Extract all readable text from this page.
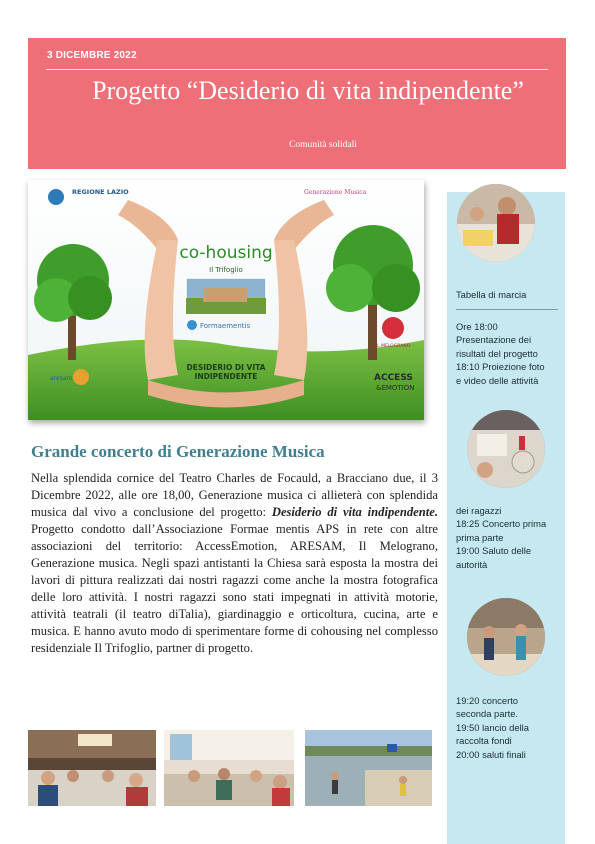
3 DICEMBRE 2022
Progetto “Desiderio di vita indipendente”
Comunità solidali
co-housing
Il Trifoglio
Formaementis
DESIDERIO DI VITA
INDIPENDENTE
REGIONE LAZIO	Generazione Musica
IL MELOGRANO
aresam	ACCESS
&EMOTION
Grande concerto di Generazione Musica
Nella splendida cornice del Teatro Charles de Focauld, a Bracciano due, il 3 Dicembre 2022, alle ore 18,00, Generazione musica ci allieterà con splendida musica dal vivo a conclusione del progetto: Desiderio di vita indipendente. Progetto condotto dall’Associazione Formae mentis APS in rete con altre associazioni del territorio: AccessEmotion, ARESAM, Il Melograno, Generazione musica. Negli spazi antistanti la Chiesa sarà esposta la mostra dei lavori di pittura realizzati dai nostri ragazzi come anche la mostra fotografica delle loro attività. I nostri ragazzi sono stati impegnati in attività motorie, attività teatrali (il teatro diTalia), giardinaggio e orticoltura, cucina, arte e musica. E hanno avuto modo di sperimentare forme di cohousing nel complesso residenziale Il Trifoglio, partner di progetto.
Tabella di marcia
Ore 18:00
Presentazione dei
risultati del progetto
18:10 Proiezione foto
e video delle attività
dei ragazzi
18:25 Concerto prima
prima parte
19:00 Saluto delle
autorità
19:20 concerto
seconda parte.
19:50 lancio della
raccolta fondi
20:00 saluti finali
